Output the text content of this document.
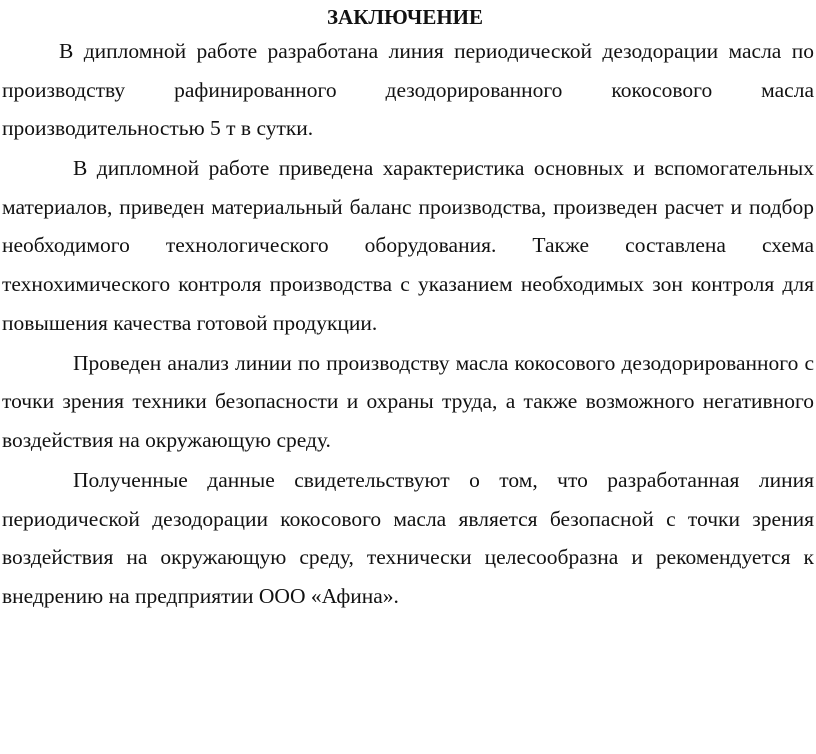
ЗАКЛЮЧЕНИЕ

В дипломной работе разработана линия периодической дезодорации масла по производству рафинированного дезодорированного кокосового масла производительностью 5 т в сутки.

В дипломной работе приведена характеристика основных и вспомогательных материалов, приведен материальный баланс производства, произведен расчет и подбор необходимого технологического оборудования. Также составлена схема технохимического контроля производства с указанием необходимых зон контроля для повышения качества готовой продукции.

Проведен анализ линии по производству масла кокосового дезодорированного с точки зрения техники безопасности и охраны труда, а также возможного негативного воздействия на окружающую среду.

Полученные данные свидетельствуют о том, что разработанная линия периодической дезодорации кокосового масла является безопасной с точки зрения воздействия на окружающую среду, технически целесообразна и рекомендуется к внедрению на предприятии ООО «Афина».
